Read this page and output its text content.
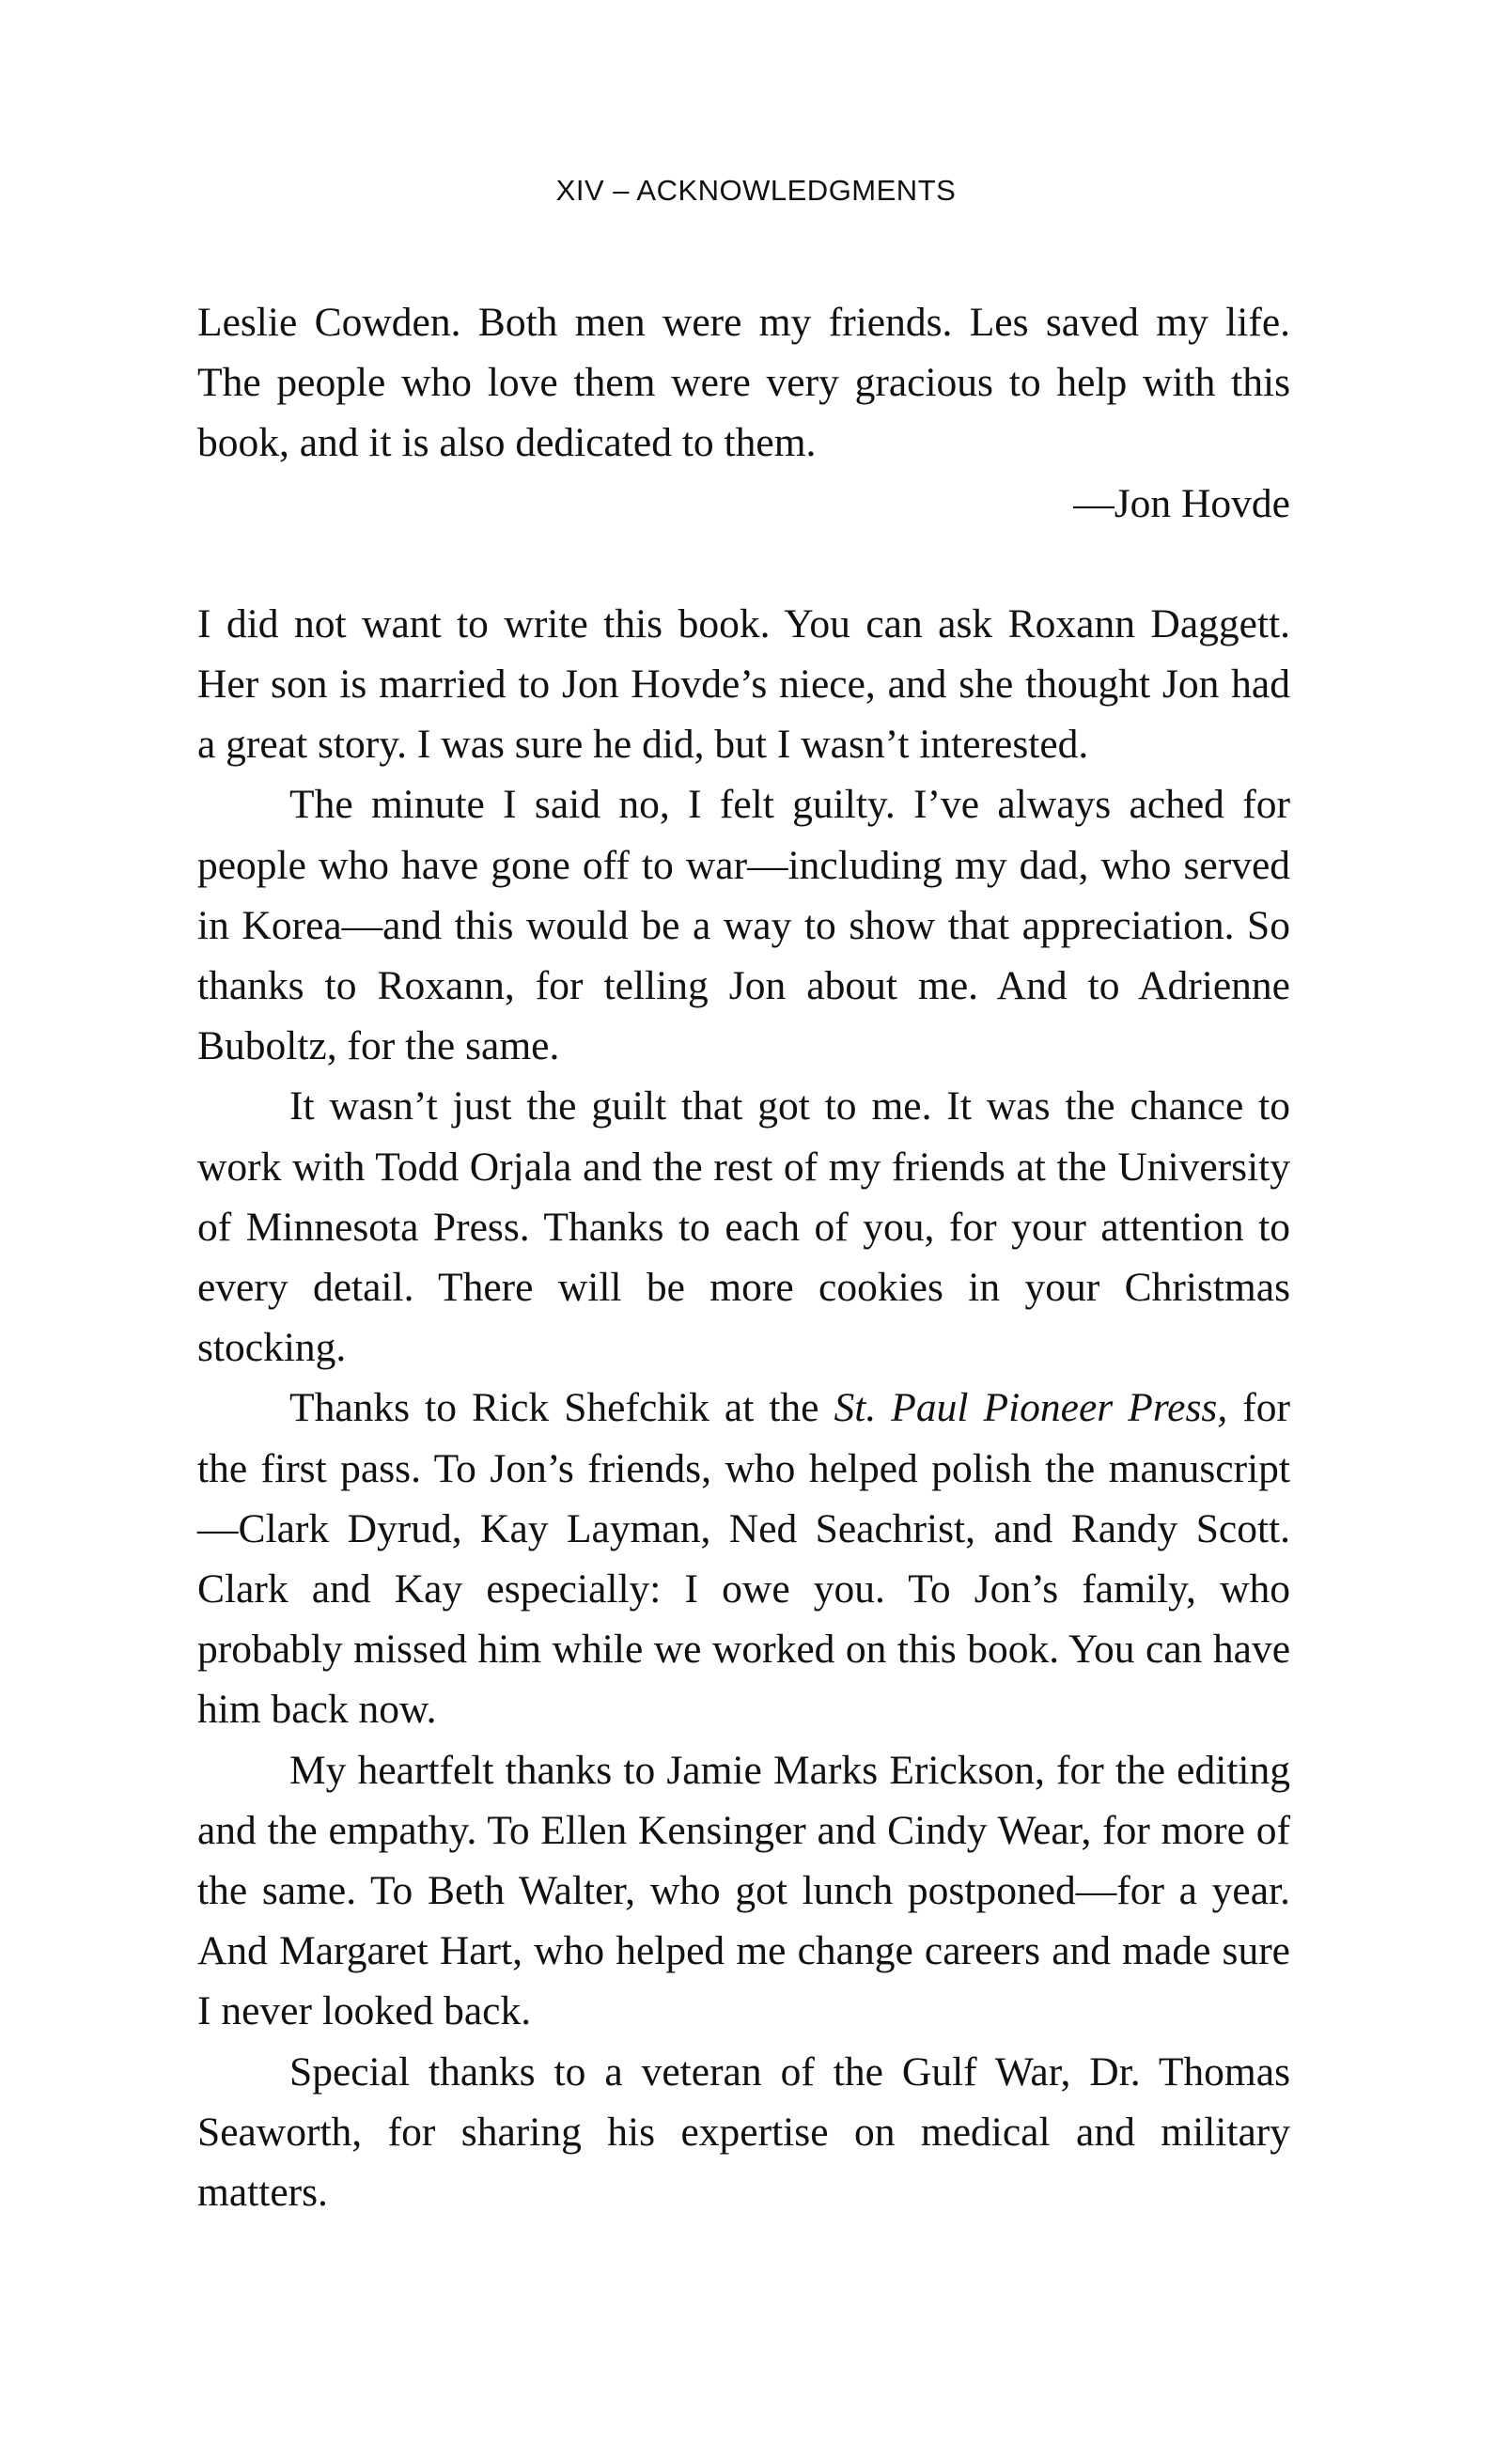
XIV – ACKNOWLEDGMENTS

Leslie Cowden. Both men were my friends. Les saved my life. The people who love them were very gracious to help with this book, and it is also dedicated to them.

—Jon Hovde

I did not want to write this book. You can ask Roxann Daggett. Her son is married to Jon Hovde’s niece, and she thought Jon had a great story. I was sure he did, but I wasn’t interested.

The minute I said no, I felt guilty. I’ve always ached for people who have gone off to war—including my dad, who served in Korea—and this would be a way to show that appreciation. So thanks to Roxann, for telling Jon about me. And to Adrienne Buboltz, for the same.

It wasn’t just the guilt that got to me. It was the chance to work with Todd Orjala and the rest of my friends at the University of Minnesota Press. Thanks to each of you, for your attention to every detail. There will be more cookies in your Christmas stocking.

Thanks to Rick Shefchik at the St. Paul Pioneer Press, for the first pass. To Jon’s friends, who helped polish the manuscript—Clark Dyrud, Kay Layman, Ned Seachrist, and Randy Scott. Clark and Kay especially: I owe you. To Jon’s family, who probably missed him while we worked on this book. You can have him back now.

My heartfelt thanks to Jamie Marks Erickson, for the editing and the empathy. To Ellen Kensinger and Cindy Wear, for more of the same. To Beth Walter, who got lunch postponed—for a year. And Margaret Hart, who helped me change careers and made sure I never looked back.

Special thanks to a veteran of the Gulf War, Dr. Thomas Seaworth, for sharing his expertise on medical and military matters.
